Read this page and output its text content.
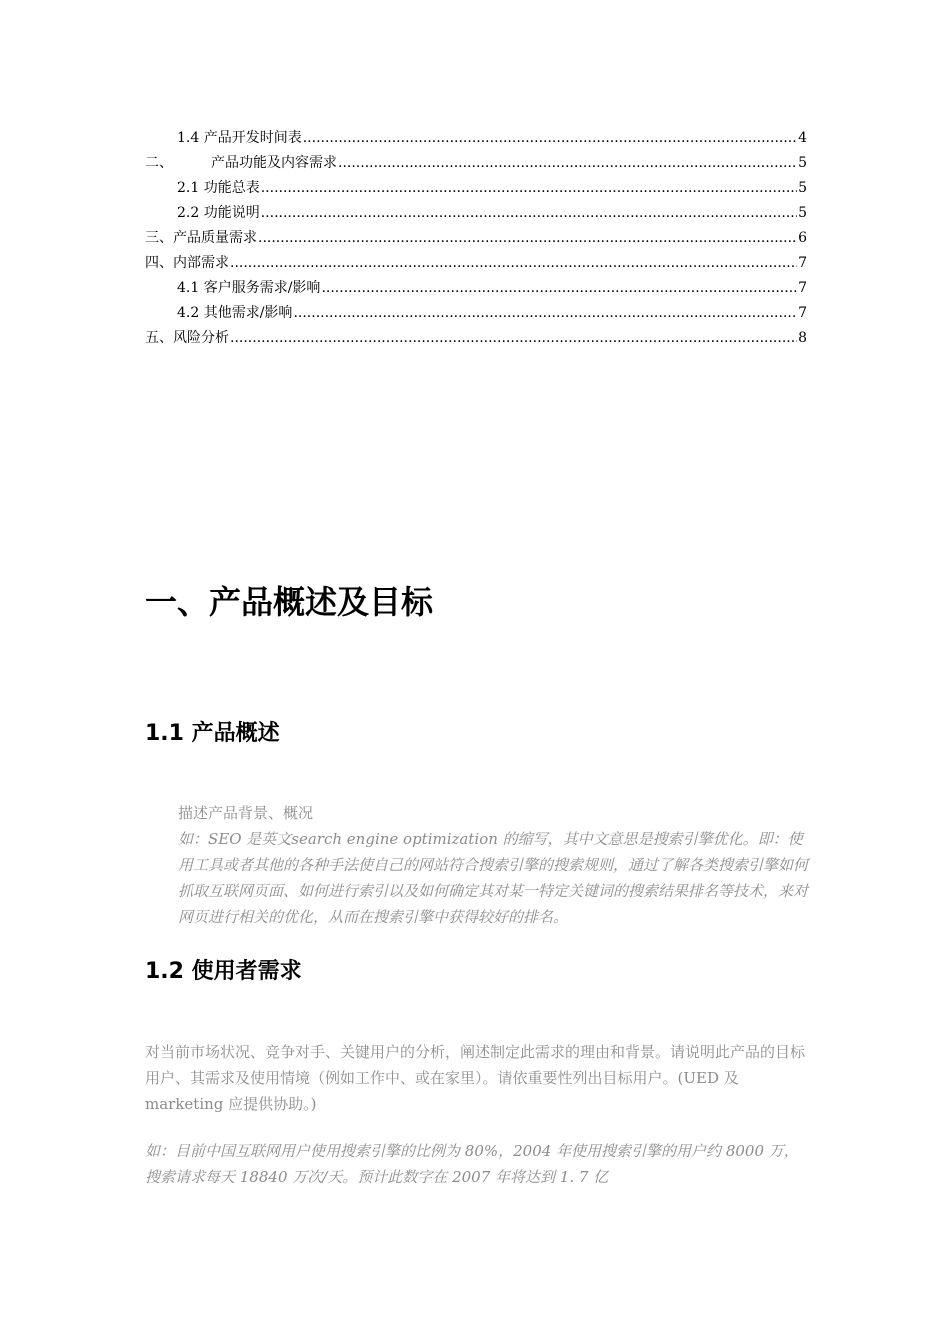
1.4 产品开发时间表 .....	4
二、	产品功能及内容需求 .....	5
2.1 功能总表 .....	5
2.2 功能说明 .....	5
三、产品质量需求 .....	6
四、内部需求 .....	7
4.1 客户服务需求/影响 .....	7
4.2 其他需求/影响 .....	7
五、风险分析 .....	8
一、产品概述及目标
1.1 产品概述

描述产品背景、概况

如：SEO 是英文search engine optimization 的缩写，其中文意思是搜索引擎优化。即：使用工具或者其他的各种手法使自己的网站符合搜索引擎的搜索规则，通过了解各类搜索引擎如何抓取互联网页面、如何进行索引以及如何确定其对某一特定关键词的搜索结果排名等技术，来对网页进行相关的优化，从而在搜索引擎中获得较好的排名。

1.2 使用者需求

对当前市场状况、竞争对手、关键用户的分析，阐述制定此需求的理由和背景。请说明此产品的目标用户、其需求及使用情境（例如工作中、或在家里）。请依重要性列出目标用户。(UED 及 marketing 应提供协助。)

如：目前中国互联网用户使用搜索引擎的比例为 80%，2004 年使用搜索引擎的用户约 8000 万，搜索请求每天 18840 万次/天。预计此数字在 2007 年将达到 1. 7 亿
